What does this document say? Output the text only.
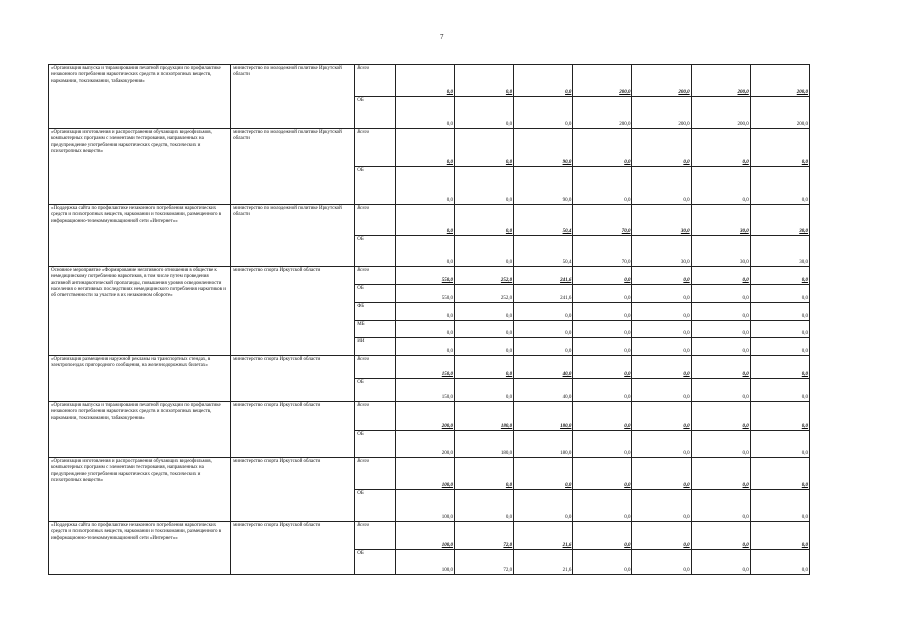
7
«Организация выпуска и тиражирования печатной продукции по профилактике незаконного потребления наркотических средств и психотропных веществ, наркомании, токсикомании, табакокурения»	министерство по молодежной политике Иркутской области	Всего	0,0	0,0	0,0	200,0	200,0	200,0	200,0
		ОБ	0,0	0,0	0,0	200,0	200,0	200,0	200,0
«Организация изготовления и распространения обучающих видеофильмов, компьютерных программ с элементами тестирования, направленных на предупреждение употребления наркотических средств, токсических и психотропных веществ»	министерство по молодежной политике Иркутской области	Всего	0,0	0,0	90,0	0,0	0,0	0,0	0,0
		ОБ	0,0	0,0	90,0	0,0	0,0	0,0	0,0
«Поддержка сайта по профилактике незаконного потребления наркотических средств и психотропных веществ, наркомании и токсикомании, размещенного в информационно-телекоммуникационной сети «Интернет»»	министерство по молодежной политике Иркутской области	Всего	0,0	0,0	50,4	70,0	30,0	30,0	30,0
		ОБ	0,0	0,0	50,4	70,0	30,0	30,0	30,0
Основное мероприятие «Формирование негативного отношения в обществе к немедицинскому потреблению наркотиков, в том числе путем проведения активной антинаркотической пропаганды, повышения уровня осведомленности населения о негативных последствиях немедицинского потребления наркотиков и об ответственности за участие в их незаконном обороте»	министерство спорта Иркутской области	Всего	550,0	252,0	241,6	0,0	0,0	0,0	0,0
		ОБ	550,0	252,0	241,6	0,0	0,0	0,0	0,0
		ФБ	0,0	0,0	0,0	0,0	0,0	0,0	0,0
		МБ	0,0	0,0	0,0	0,0	0,0	0,0	0,0
		ИИ	0,0	0,0	0,0	0,0	0,0	0,0	0,0
«Организация размещения наружной рекламы на транспортных стендах, в электропоездах пригородного сообщения, на железнодорожных билетах»	министерство спорта Иркутской области	Всего	150,0	0,0	40,0	0,0	0,0	0,0	0,0
		ОБ	150,0	0,0	40,0	0,0	0,0	0,0	0,0
«Организация выпуска и тиражирования печатной продукции по профилактике незаконного потребления наркотических средств и психотропных веществ, наркомании, токсикомании, табакокурения»	министерство спорта Иркутской области	Всего	200,0	180,0	180,0	0,0	0,0	0,0	0,0
		ОБ	200,0	180,0	180,0	0,0	0,0	0,0	0,0
«Организация изготовления и распространения обучающих видеофильмов, компьютерных программ с элементами тестирования, направленных на предупреждение употребления наркотических средств, токсических и психотропных веществ»	министерство спорта Иркутской области	Всего	100,0	0,0	0,0	0,0	0,0	0,0	0,0
		ОБ	100,0	0,0	0,0	0,0	0,0	0,0	0,0
«Поддержка сайта по профилактике незаконного потребления наркотических средств и психотропных веществ, наркомании и токсикомании, размещенного в информационно-телекоммуникационной сети «Интернет»»	министерство спорта Иркутской области	Всего	100,0	72,0	21,6	0,0	0,0	0,0	0,0
		ОБ	100,0	72,0	21,6	0,0	0,0	0,0	0,0
